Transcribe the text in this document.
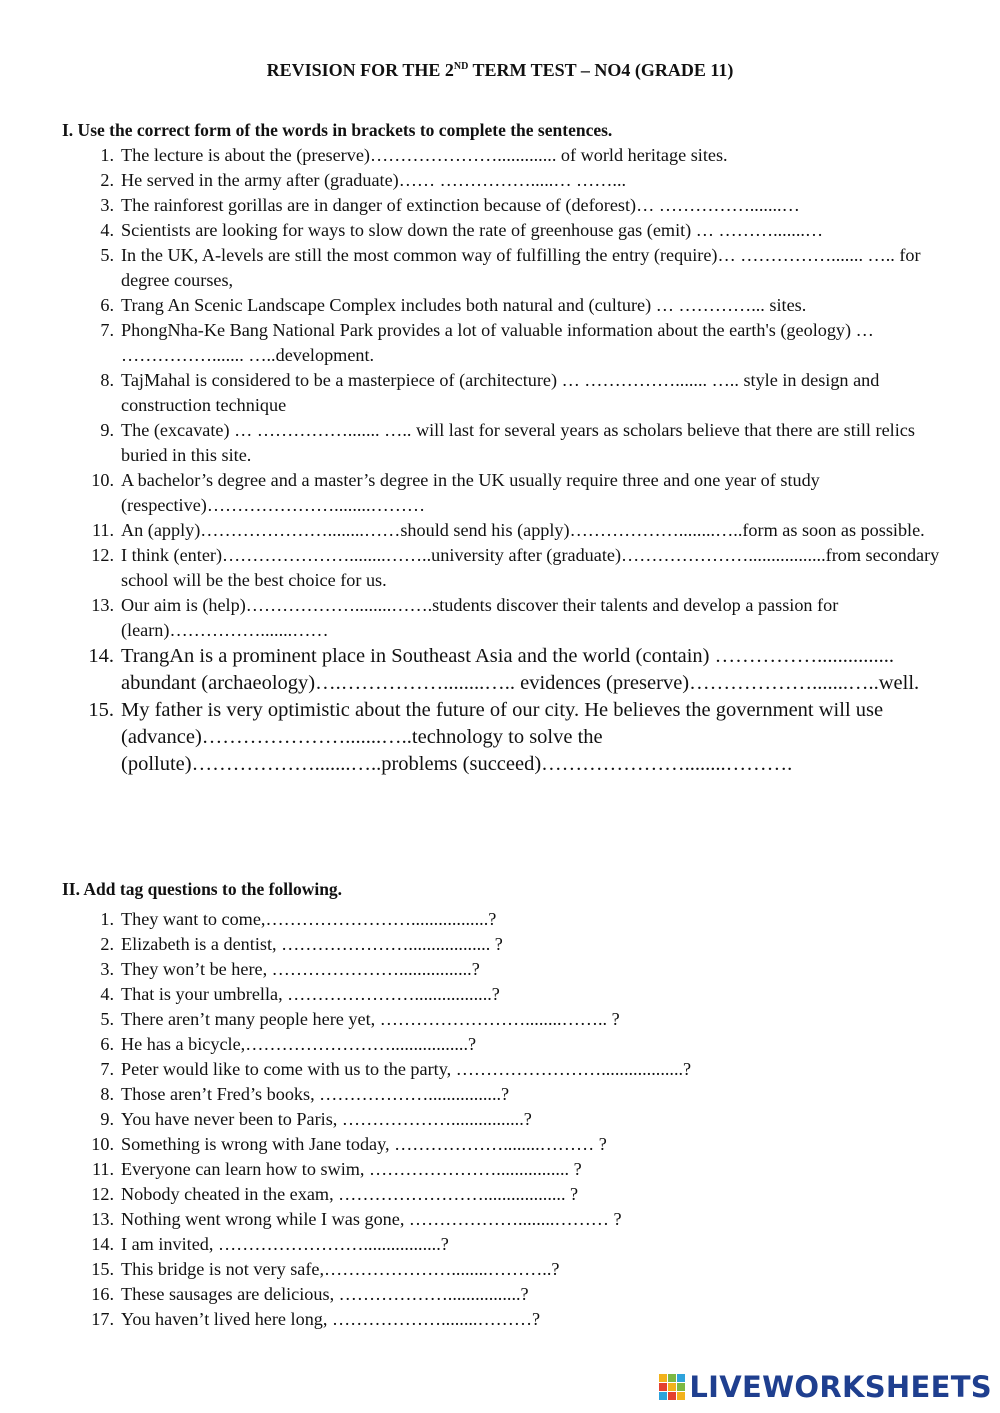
REVISION FOR THE 2ND TERM TEST – NO4 (GRADE 11)
I. Use the correct form of the words in brackets to complete the sentences.
1. The lecture is about the (preserve)…………………............. of world heritage sites.
2. He served in the army after (graduate)…… …………….....… ……...
3. The rainforest gorillas are in danger of extinction because of (deforest)… …………….......…
4. Scientists are looking for ways to slow down the rate of greenhouse gas (emit) … ……….......…
5. In the UK, A-levels are still the most common way of fulfilling the entry (require)… ……………....... ….. for degree courses,
6. Trang An Scenic Landscape Complex includes both natural and (culture) … …………... sites.
7. PhongNha-Ke Bang National Park provides a lot of valuable information about the earth's (geology) … ……………....... …..development.
8. TajMahal is considered to be a masterpiece of (architecture) … ……………....... ….. style in design and construction technique
9. The (excavate) … ……………....... ….. will last for several years as scholars believe that there are still relics buried in this site.
10. A bachelor’s degree and a master’s degree in the UK usually require three and one year of study (respective)…………………........………
11. An (apply)…………………........……should send his (apply)………………........…..form as soon as possible.
12. I think (enter)…………………........……..university after (graduate)………………….................from secondary school will be the best choice for us.
13. Our aim is (help)………………........…….students discover their talents and develop a passion for (learn)…………….......……
14. TrangAn is a prominent place in Southeast Asia and the world (contain) ……………............... abundant (archaeology)….……………........….. evidences (preserve)……………….......…..well.
15. My father is very optimistic about the future of our city. He believes the government will use (advance)………………….......…..technology to solve the (pollute)……………….......…..problems (succeed)…………………........……….
II. Add tag questions to the following.
1. They want to come,…………………….................?
2. Elizabeth is a dentist, ………………….................. ?
3. They won’t be here, …………………................?
4. That is your umbrella, ………………….................?
5. There aren’t many people here yet, ……………………........…….. ?
6. He has a bicycle,…………………….................?
7. Peter would like to come with us to the party, ……………………..................?
8. Those aren’t Fred’s books, ………………................?
9. You have never been to Paris, ………………................?
10. Something is wrong with Jane today, ………………........……… ?
11. Everyone can learn how to swim, …………………................ ?
12. Nobody cheated in the exam, …………………….................. ?
13. Nothing went wrong while I was gone, ………………........……… ?
14. I am invited, …………………….................?
15. This bridge is not very safe,…………………........………..?
16. These sausages are delicious, ………………................?
17. You haven’t lived here long, ………………........………?
LIVEWORKSHEETS
